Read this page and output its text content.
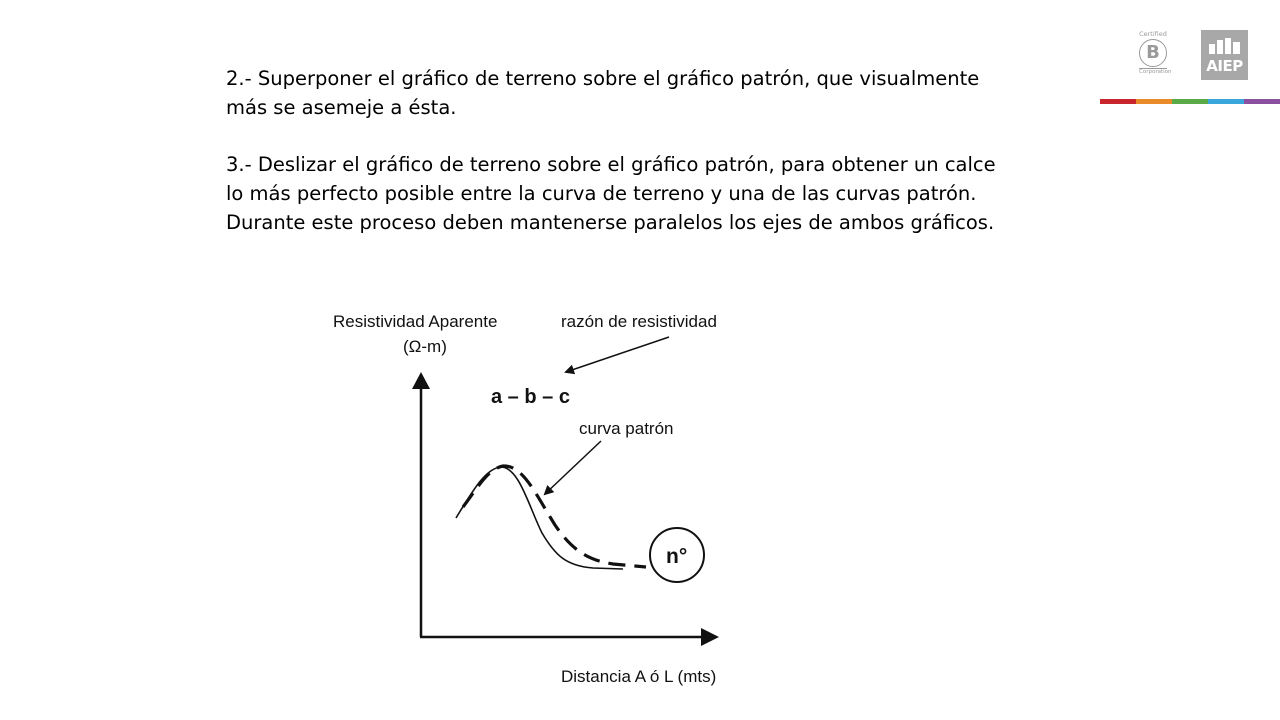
2.- Superponer el gráfico de terreno sobre el gráfico patrón, que visualmente
más se asemeje a ésta.

3.- Deslizar el gráfico de terreno sobre el gráfico patrón, para obtener un calce
lo más perfecto posible entre la curva de terreno y una de las curvas patrón.
Durante este proceso deben mantenerse paralelos los ejes de ambos gráficos.

Certified
B
Corporation	AIEP
Resistividad Aparente
(Ω-m)
razón de resistividad
a – b – c
curva patrón
Distancia A ó L (mts)
n°
